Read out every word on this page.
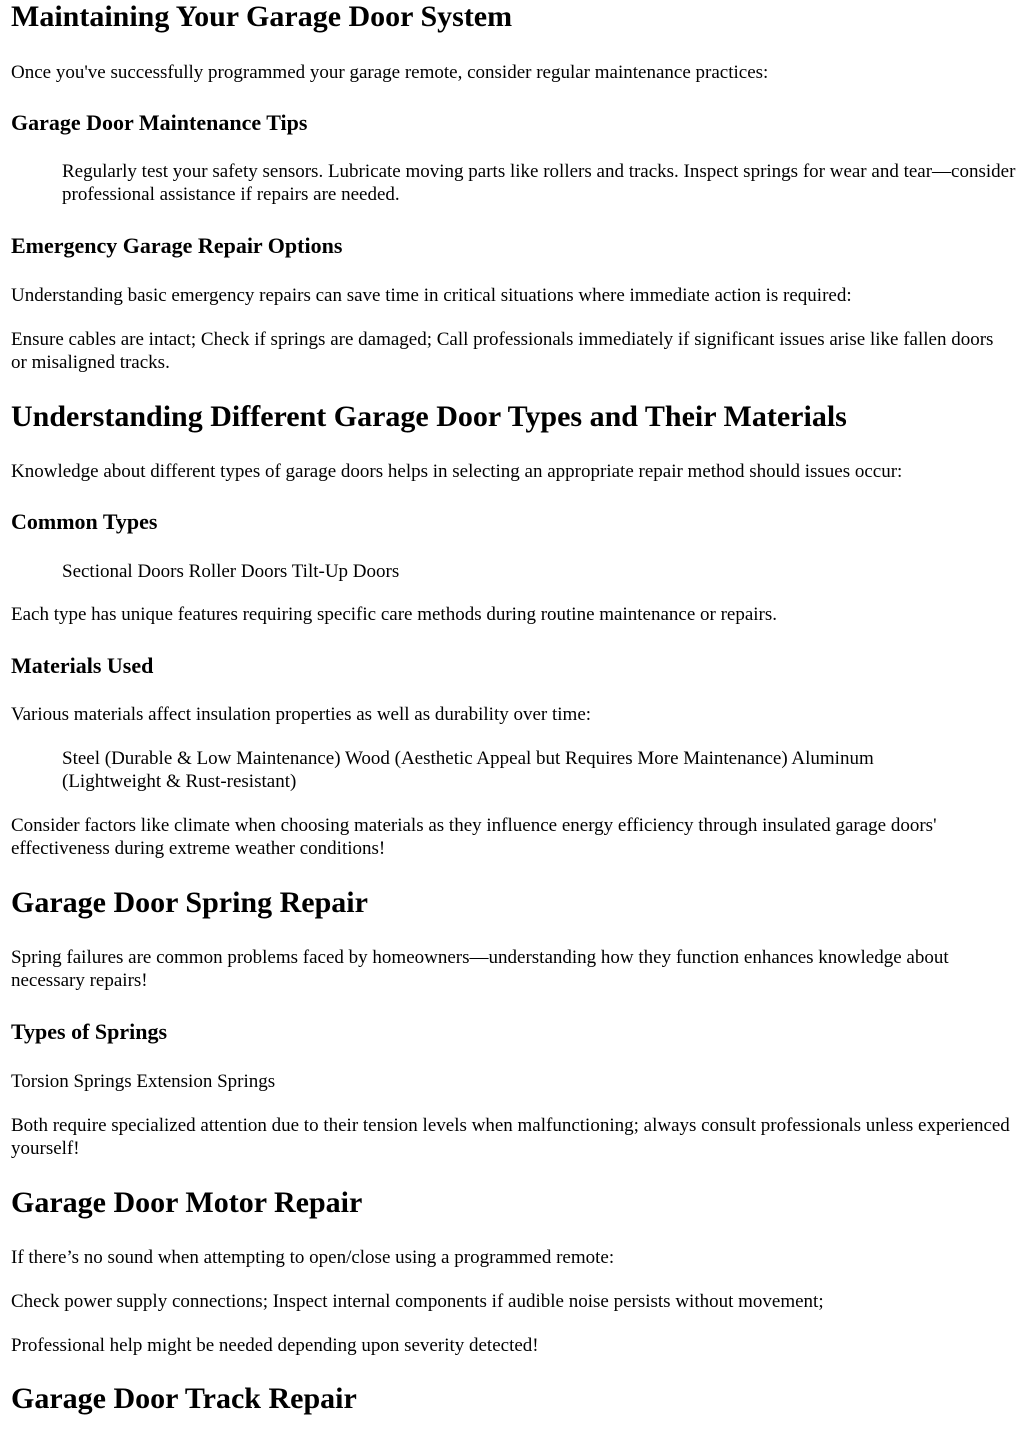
Maintaining Your Garage Door System

Once you've successfully programmed your garage remote, consider regular maintenance practices:

Garage Door Maintenance Tips
Regularly test your safety sensors. Lubricate moving parts like rollers and tracks. Inspect springs for wear and tear—consider professional assistance if repairs are needed.
Emergency Garage Repair Options

Understanding basic emergency repairs can save time in critical situations where immediate action is required:

Ensure cables are intact; Check if springs are damaged; Call professionals immediately if significant issues arise like fallen doors or misaligned tracks.

Understanding Different Garage Door Types and Their Materials

Knowledge about different types of garage doors helps in selecting an appropriate repair method should issues occur:

Common Types
Sectional Doors Roller Doors Tilt-Up Doors

Each type has unique features requiring specific care methods during routine maintenance or repairs.

Materials Used

Various materials affect insulation properties as well as durability over time:

Steel (Durable & Low Maintenance) Wood (Aesthetic Appeal but Requires More Maintenance) Aluminum (Lightweight & Rust-resistant)

Consider factors like climate when choosing materials as they influence energy efficiency through insulated garage doors' effectiveness during extreme weather conditions!

Garage Door Spring Repair

Spring failures are common problems faced by homeowners—understanding how they function enhances knowledge about necessary repairs!

Types of Springs

Torsion Springs Extension Springs

Both require specialized attention due to their tension levels when malfunctioning; always consult professionals unless experienced yourself!

Garage Door Motor Repair

If there’s no sound when attempting to open/close using a programmed remote:

Check power supply connections; Inspect internal components if audible noise persists without movement;

Professional help might be needed depending upon severity detected!

Garage Door Track Repair
